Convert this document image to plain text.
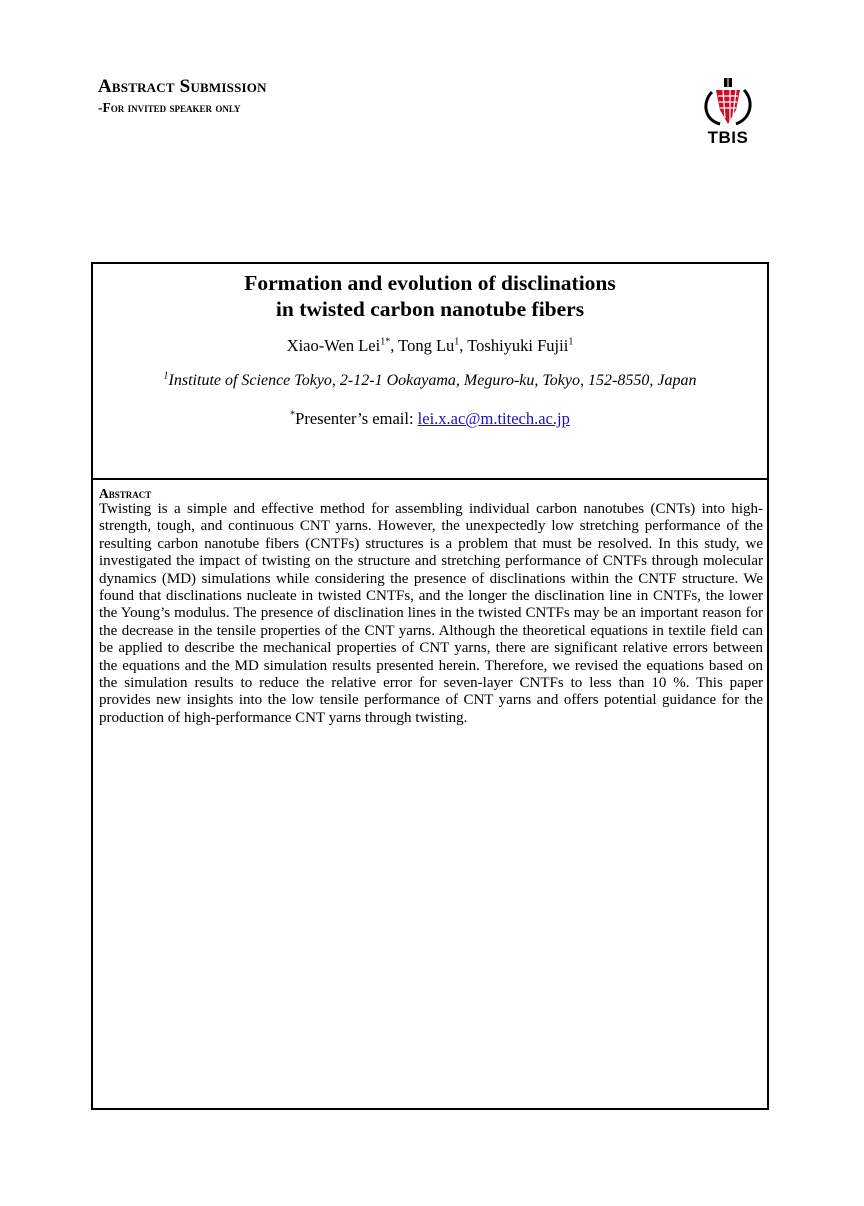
Abstract Submission

-For invited speaker only

TBIS
Formation and evolution of disclinations
in twisted carbon nanotube fibers

Xiao-Wen Lei$^{1*}$, Tong Lu$^1$, Toshiyuki Fujii$^1$

$^1$Institute of Science Tokyo, 2-12-1 Ookayama, Meguro-ku, Tokyo, 152-8550, Japan

*Presenter’s email: lei.x.ac@m.titech.ac.jp

Abstract

Twisting is a simple and effective method for assembling individual carbon nanotubes (CNTs) into high-strength, tough, and continuous CNT yarns. However, the unexpectedly low stretching performance of the resulting carbon nanotube fibers (CNTFs) structures is a problem that must be resolved. In this study, we investigated the impact of twisting on the structure and stretching performance of CNTFs through molecular dynamics (MD) simulations while considering the presence of disclinations within the CNTF structure. We found that disclinations nucleate in twisted CNTFs, and the longer the disclination line in CNTFs, the lower the Young’s modulus. The presence of disclination lines in the twisted CNTFs may be an important reason for the decrease in the tensile properties of the CNT yarns. Although the theoretical equations in textile field can be applied to describe the mechanical properties of CNT yarns, there are significant relative errors between the equations and the MD simulation results presented herein. Therefore, we revised the equations based on the simulation results to reduce the relative error for seven-layer CNTFs to less than 10 %. This paper provides new insights into the low tensile performance of CNT yarns and offers potential guidance for the production of high-performance CNT yarns through twisting.
